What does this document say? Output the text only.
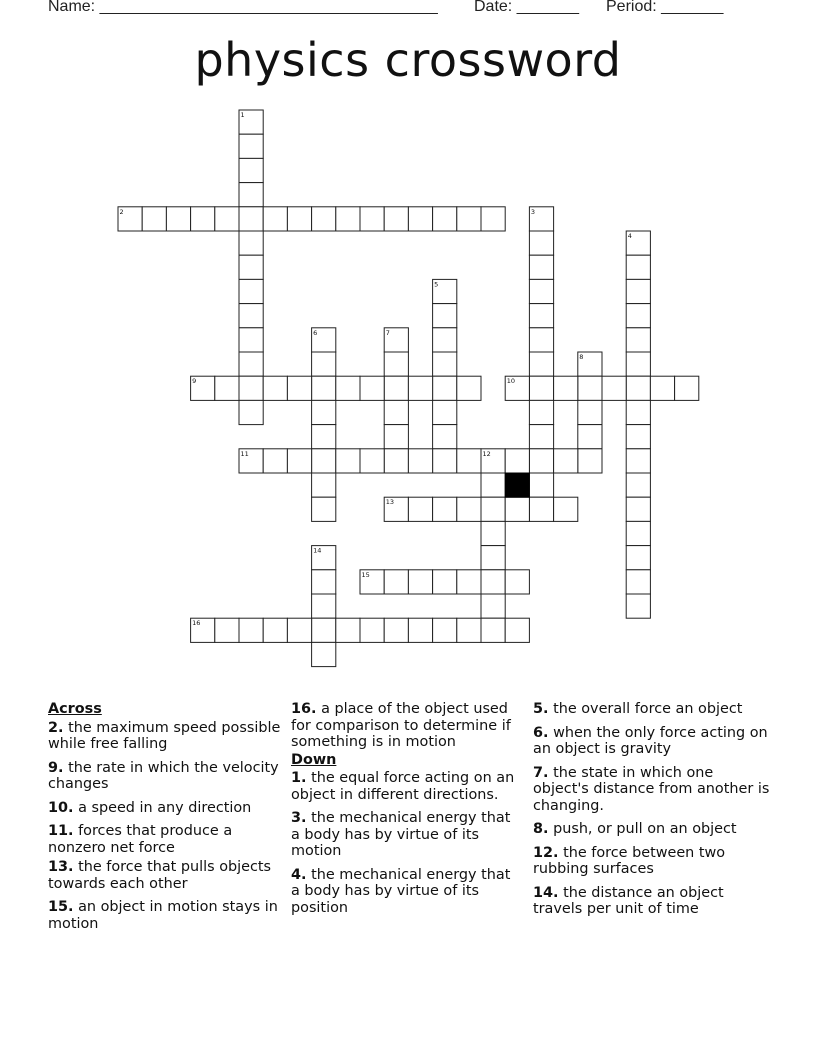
Name: ______________________________________ Date: _______ Period: _______
physics crossword
1
2	3
4
5
6	7
8
9	10
11	12
13
14
15
16
Across
2. the maximum speed possible while free falling
9. the rate in which the velocity changes
10. a speed in any direction
11. forces that produce a nonzero net force
13. the force that pulls objects towards each other
15. an object in motion stays in motion
16. a place of the object used for comparison to determine if something is in motion
Down
1. the equal force acting on an object in different directions.
3. the mechanical energy that a body has by virtue of its motion
4. the mechanical energy that a body has by virtue of its position
5. the overall force an object
6. when the only force acting on an object is gravity
7. the state in which one object's distance from another is changing.
8. push, or pull on an object
12. the force between two rubbing surfaces
14. the distance an object travels per unit of time
